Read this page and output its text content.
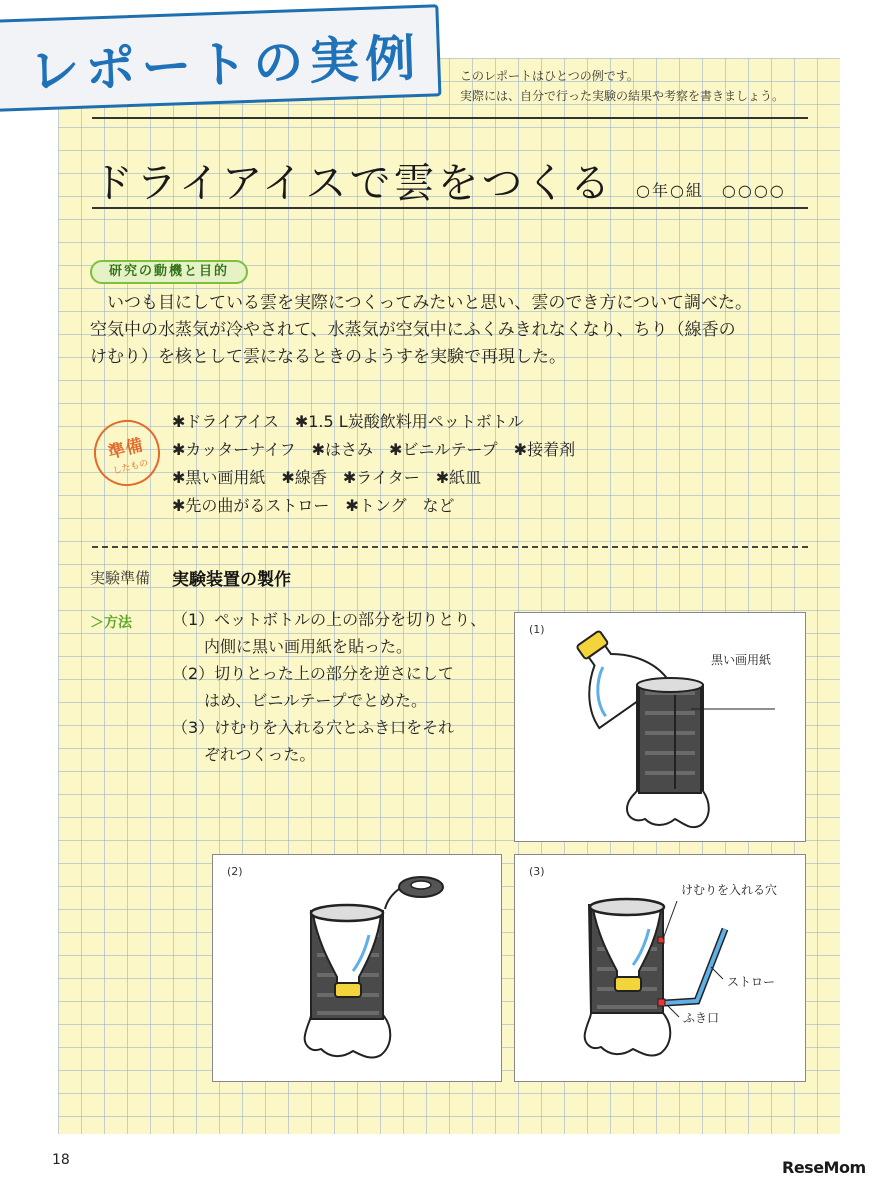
レポートの実例	このレポートはひとつの例です。
実際には、自分で行った実験の結果や考察を書きましょう。
ドライアイスで雲をつくる ○年○組　○○○○
研究の動機と目的
　いつも目にしている雲を実際につくってみたいと思い、雲のでき方について調べた。
空気中の水蒸気が冷やされて、水蒸気が空気中にふくみきれなくなり、ちり（線香の
けむり）を核として雲になるときのようすを実験で再現した。
準備
したもの
✱ドライアイス　✱1.5 L炭酸飲料用ペットボトル
✱カッターナイフ　✱はさみ　✱ビニルテープ　✱接着剤
✱黒い画用紙　✱線香　✱ライター　✱紙皿
✱先の曲がるストロー　✱トング　など
実験準備 実験装置の製作
＞方法	（1）ペットボトルの上の部分を切りとり、
　　内側に黒い画用紙を貼った。
（2）切りとった上の部分を逆さにして
　　はめ、ビニルテープでとめた。
（3）けむりを入れる穴とふき口をそれ
　　ぞれつくった。
(1)
黒い画用紙
(2)	(3)
けむりを入れる穴
ストロー
ふき口
18	ReseMom
